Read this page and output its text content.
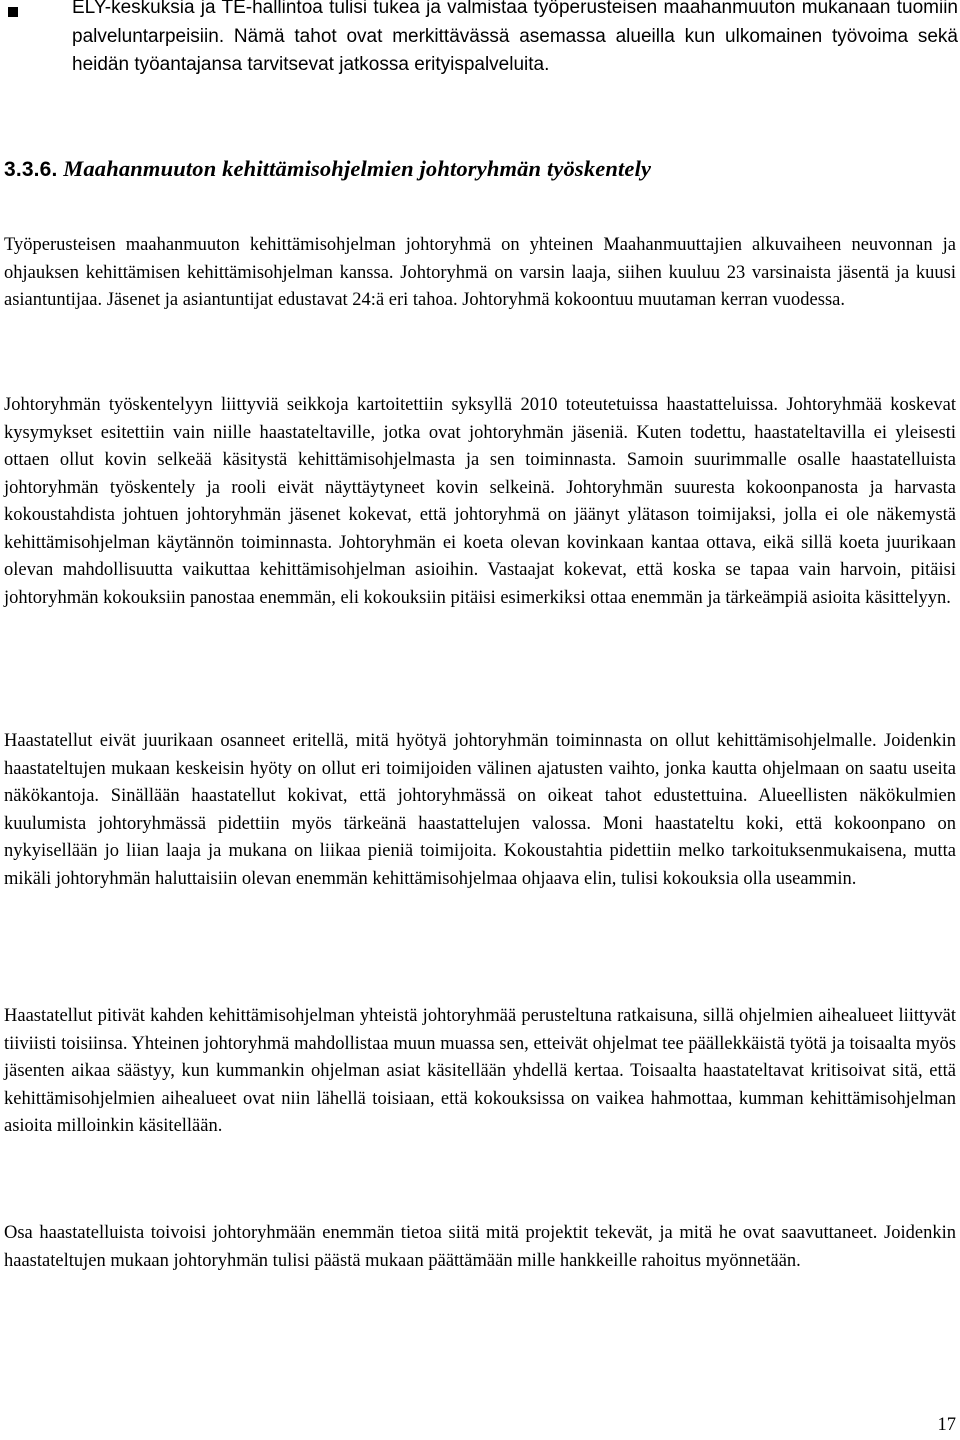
ELY-keskuksia ja TE-hallintoa tulisi tukea ja valmistaa työperusteisen maahanmuuton mukanaan tuomiin palveluntarpeisiin. Nämä tahot ovat merkittävässä asemassa alueilla kun ulkomainen työvoima sekä heidän työantajansa tarvitsevat jatkossa erityispalveluita.
3.3.6. Maahanmuuton kehittämisohjelmien johtoryhmän työskentely

Työperusteisen maahanmuuton kehittämisohjelman johtoryhmä on yhteinen Maahanmuuttajien alkuvaiheen neuvonnan ja ohjauksen kehittämisen kehittämisohjelman kanssa. Johtoryhmä on varsin laaja, siihen kuuluu 23 varsinaista jäsentä ja kuusi asiantuntijaa. Jäsenet ja asiantuntijat edustavat 24:ä eri tahoa. Johtoryhmä kokoontuu muutaman kerran vuodessa.

Johtoryhmän työskentelyyn liittyviä seikkoja kartoitettiin syksyllä 2010 toteutetuissa haastatteluissa. Johtoryhmää koskevat kysymykset esitettiin vain niille haastateltaville, jotka ovat johtoryhmän jäseniä. Kuten todettu, haastateltavilla ei yleisesti ottaen ollut kovin selkeää käsitystä kehittämisohjelmasta ja sen toiminnasta. Samoin suurimmalle osalle haastatelluista johtoryhmän työskentely ja rooli eivät näyttäytyneet kovin selkeinä. Johtoryhmän suuresta kokoonpanosta ja harvasta kokoustahdista johtuen johtoryhmän jäsenet kokevat, että johtoryhmä on jäänyt ylätason toimijaksi, jolla ei ole näkemystä kehittämisohjelman käytännön toiminnasta. Johtoryhmän ei koeta olevan kovinkaan kantaa ottava, eikä sillä koeta juurikaan olevan mahdollisuutta vaikuttaa kehittämisohjelman asioihin. Vastaajat kokevat, että koska se tapaa vain harvoin, pitäisi johtoryhmän kokouksiin panostaa enemmän, eli kokouksiin pitäisi esimerkiksi ottaa enemmän ja tärkeämpiä asioita käsittelyyn.

Haastatellut eivät juurikaan osanneet eritellä, mitä hyötyä johtoryhmän toiminnasta on ollut kehittämisohjelmalle. Joidenkin haastateltujen mukaan keskeisin hyöty on ollut eri toimijoiden välinen ajatusten vaihto, jonka kautta ohjelmaan on saatu useita näkökantoja. Sinällään haastatellut kokivat, että johtoryhmässä on oikeat tahot edustettuina. Alueellisten näkökulmien kuulumista johtoryhmässä pidettiin myös tärkeänä haastattelujen valossa. Moni haastateltu koki, että kokoonpano on nykyisellään jo liian laaja ja mukana on liikaa pieniä toimijoita. Kokoustahtia pidettiin melko tarkoituksenmukaisena, mutta mikäli johtoryhmän haluttaisiin olevan enemmän kehittämisohjelmaa ohjaava elin, tulisi kokouksia olla useammin.

Haastatellut pitivät kahden kehittämisohjelman yhteistä johtoryhmää perusteltuna ratkaisuna, sillä ohjelmien aihealueet liittyvät tiiviisti toisiinsa. Yhteinen johtoryhmä mahdollistaa muun muassa sen, etteivät ohjelmat tee päällekkäistä työtä ja toisaalta myös jäsenten aikaa säästyy, kun kummankin ohjelman asiat käsitellään yhdellä kertaa. Toisaalta haastateltavat kritisoivat sitä, että kehittämisohjelmien aihealueet ovat niin lähellä toisiaan, että kokouksissa on vaikea hahmottaa, kumman kehittämisohjelman asioita milloinkin käsitellään.

Osa haastatelluista toivoisi johtoryhmään enemmän tietoa siitä mitä projektit tekevät, ja mitä he ovat saavuttaneet. Joidenkin haastateltujen mukaan johtoryhmän tulisi päästä mukaan päättämään mille hankkeille rahoitus myönnetään.

17
